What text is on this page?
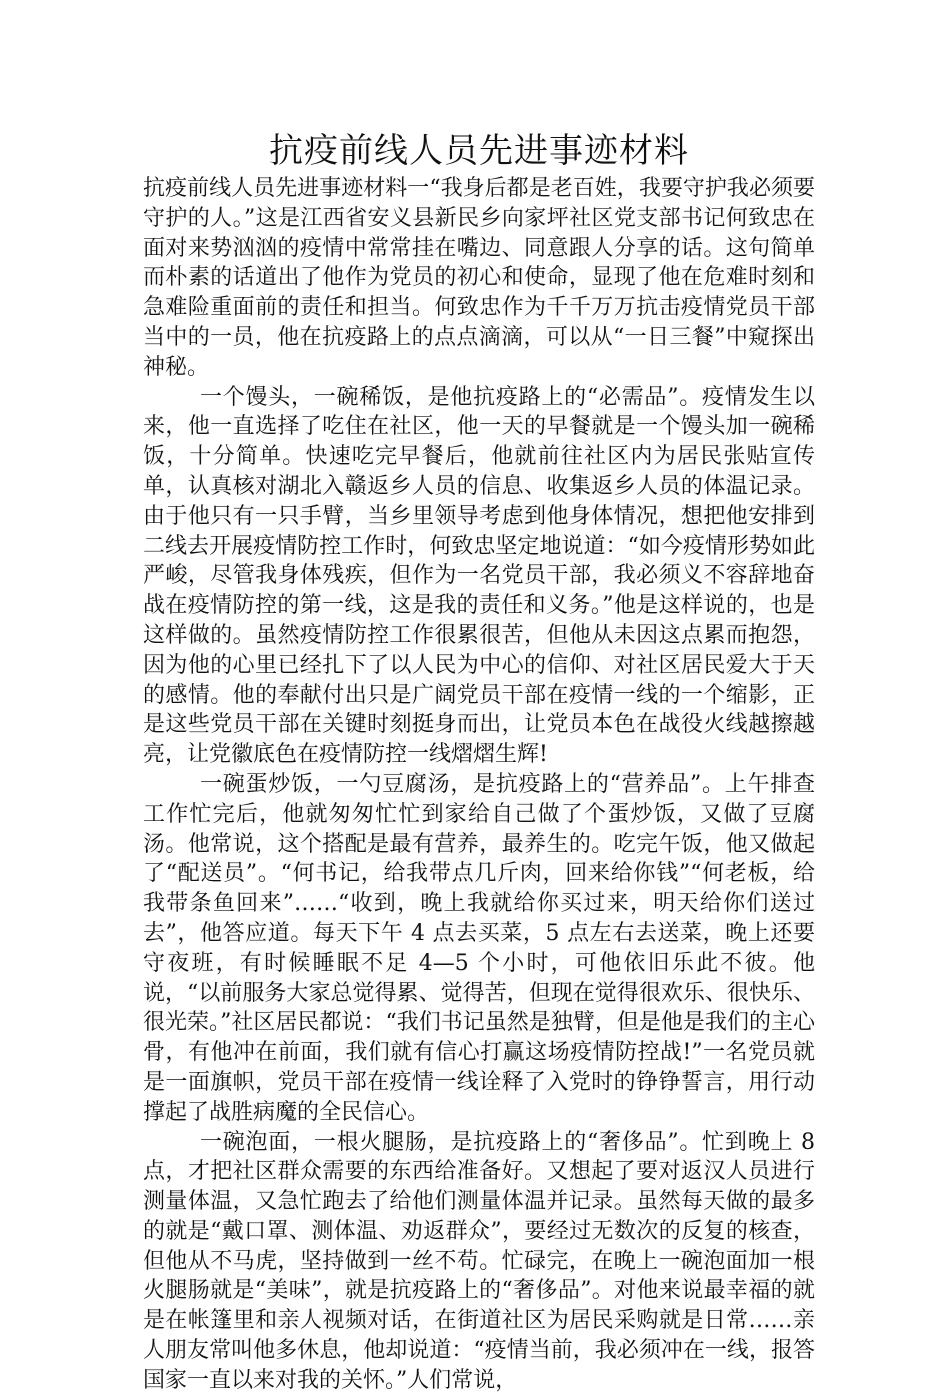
抗疫前线人员先进事迹材料

抗疫前线人员先进事迹材料一“我身后都是老百姓，我要守护我必须要守护的人。”这是江西省安义县新民乡向家坪社区党支部书记何致忠在面对来势汹汹的疫情中常常挂在嘴边、同意跟人分享的话。这句简单而朴素的话道出了他作为党员的初心和使命，显现了他在危难时刻和急难险重面前的责任和担当。何致忠作为千千万万抗击疫情党员干部当中的一员，他在抗疫路上的点点滴滴，可以从“一日三餐”中窥探出神秘。

一个馒头，一碗稀饭，是他抗疫路上的“必需品”。疫情发生以来，他一直选择了吃住在社区，他一天的早餐就是一个馒头加一碗稀饭，十分简单。快速吃完早餐后，他就前往社区内为居民张贴宣传单，认真核对湖北入赣返乡人员的信息、收集返乡人员的体温记录。由于他只有一只手臂，当乡里领导考虑到他身体情况，想把他安排到二线去开展疫情防控工作时，何致忠坚定地说道：“如今疫情形势如此严峻，尽管我身体残疾，但作为一名党员干部，我必须义不容辞地奋战在疫情防控的第一线，这是我的责任和义务。”他是这样说的，也是这样做的。虽然疫情防控工作很累很苦，但他从未因这点累而抱怨，因为他的心里已经扎下了以人民为中心的信仰、对社区居民爱大于天的感情。他的奉献付出只是广阔党员干部在疫情一线的一个缩影，正是这些党员干部在关键时刻挺身而出，让党员本色在战役火线越擦越亮，让党徽底色在疫情防控一线熠熠生辉!

一碗蛋炒饭，一勺豆腐汤，是抗疫路上的“营养品”。上午排查工作忙完后，他就匆匆忙忙到家给自己做了个蛋炒饭，又做了豆腐汤。他常说，这个搭配是最有营养，最养生的。吃完午饭，他又做起了“配送员”。“何书记，给我带点几斤肉，回来给你钱”“何老板，给我带条鱼回来”……“收到，晚上我就给你买过来，明天给你们送过去”，他答应道。每天下午 4 点去买菜，5 点左右去送菜，晚上还要守夜班，有时候睡眠不足 4—5 个小时，可他依旧乐此不彼。他说，“以前服务大家总觉得累、觉得苦，但现在觉得很欢乐、很快乐、很光荣。”社区居民都说：“我们书记虽然是独臂，但是他是我们的主心骨，有他冲在前面，我们就有信心打赢这场疫情防控战!”一名党员就是一面旗帜，党员干部在疫情一线诠释了入党时的铮铮誓言，用行动撑起了战胜病魔的全民信心。

一碗泡面，一根火腿肠，是抗疫路上的“奢侈品”。忙到晚上 8 点，才把社区群众需要的东西给准备好。又想起了要对返汉人员进行测量体温，又急忙跑去了给他们测量体温并记录。虽然每天做的最多的就是“戴口罩、测体温、劝返群众”，要经过无数次的反复的核查，但他从不马虎，坚持做到一丝不苟。忙碌完，在晚上一碗泡面加一根火腿肠就是“美味”，就是抗疫路上的“奢侈品”。对他来说最幸福的就是在帐篷里和亲人视频对话，在街道社区为居民采购就是日常……亲人朋友常叫他多休息，他却说道：“疫情当前，我必须冲在一线，报答国家一直以来对我的关怀。”人们常说，
